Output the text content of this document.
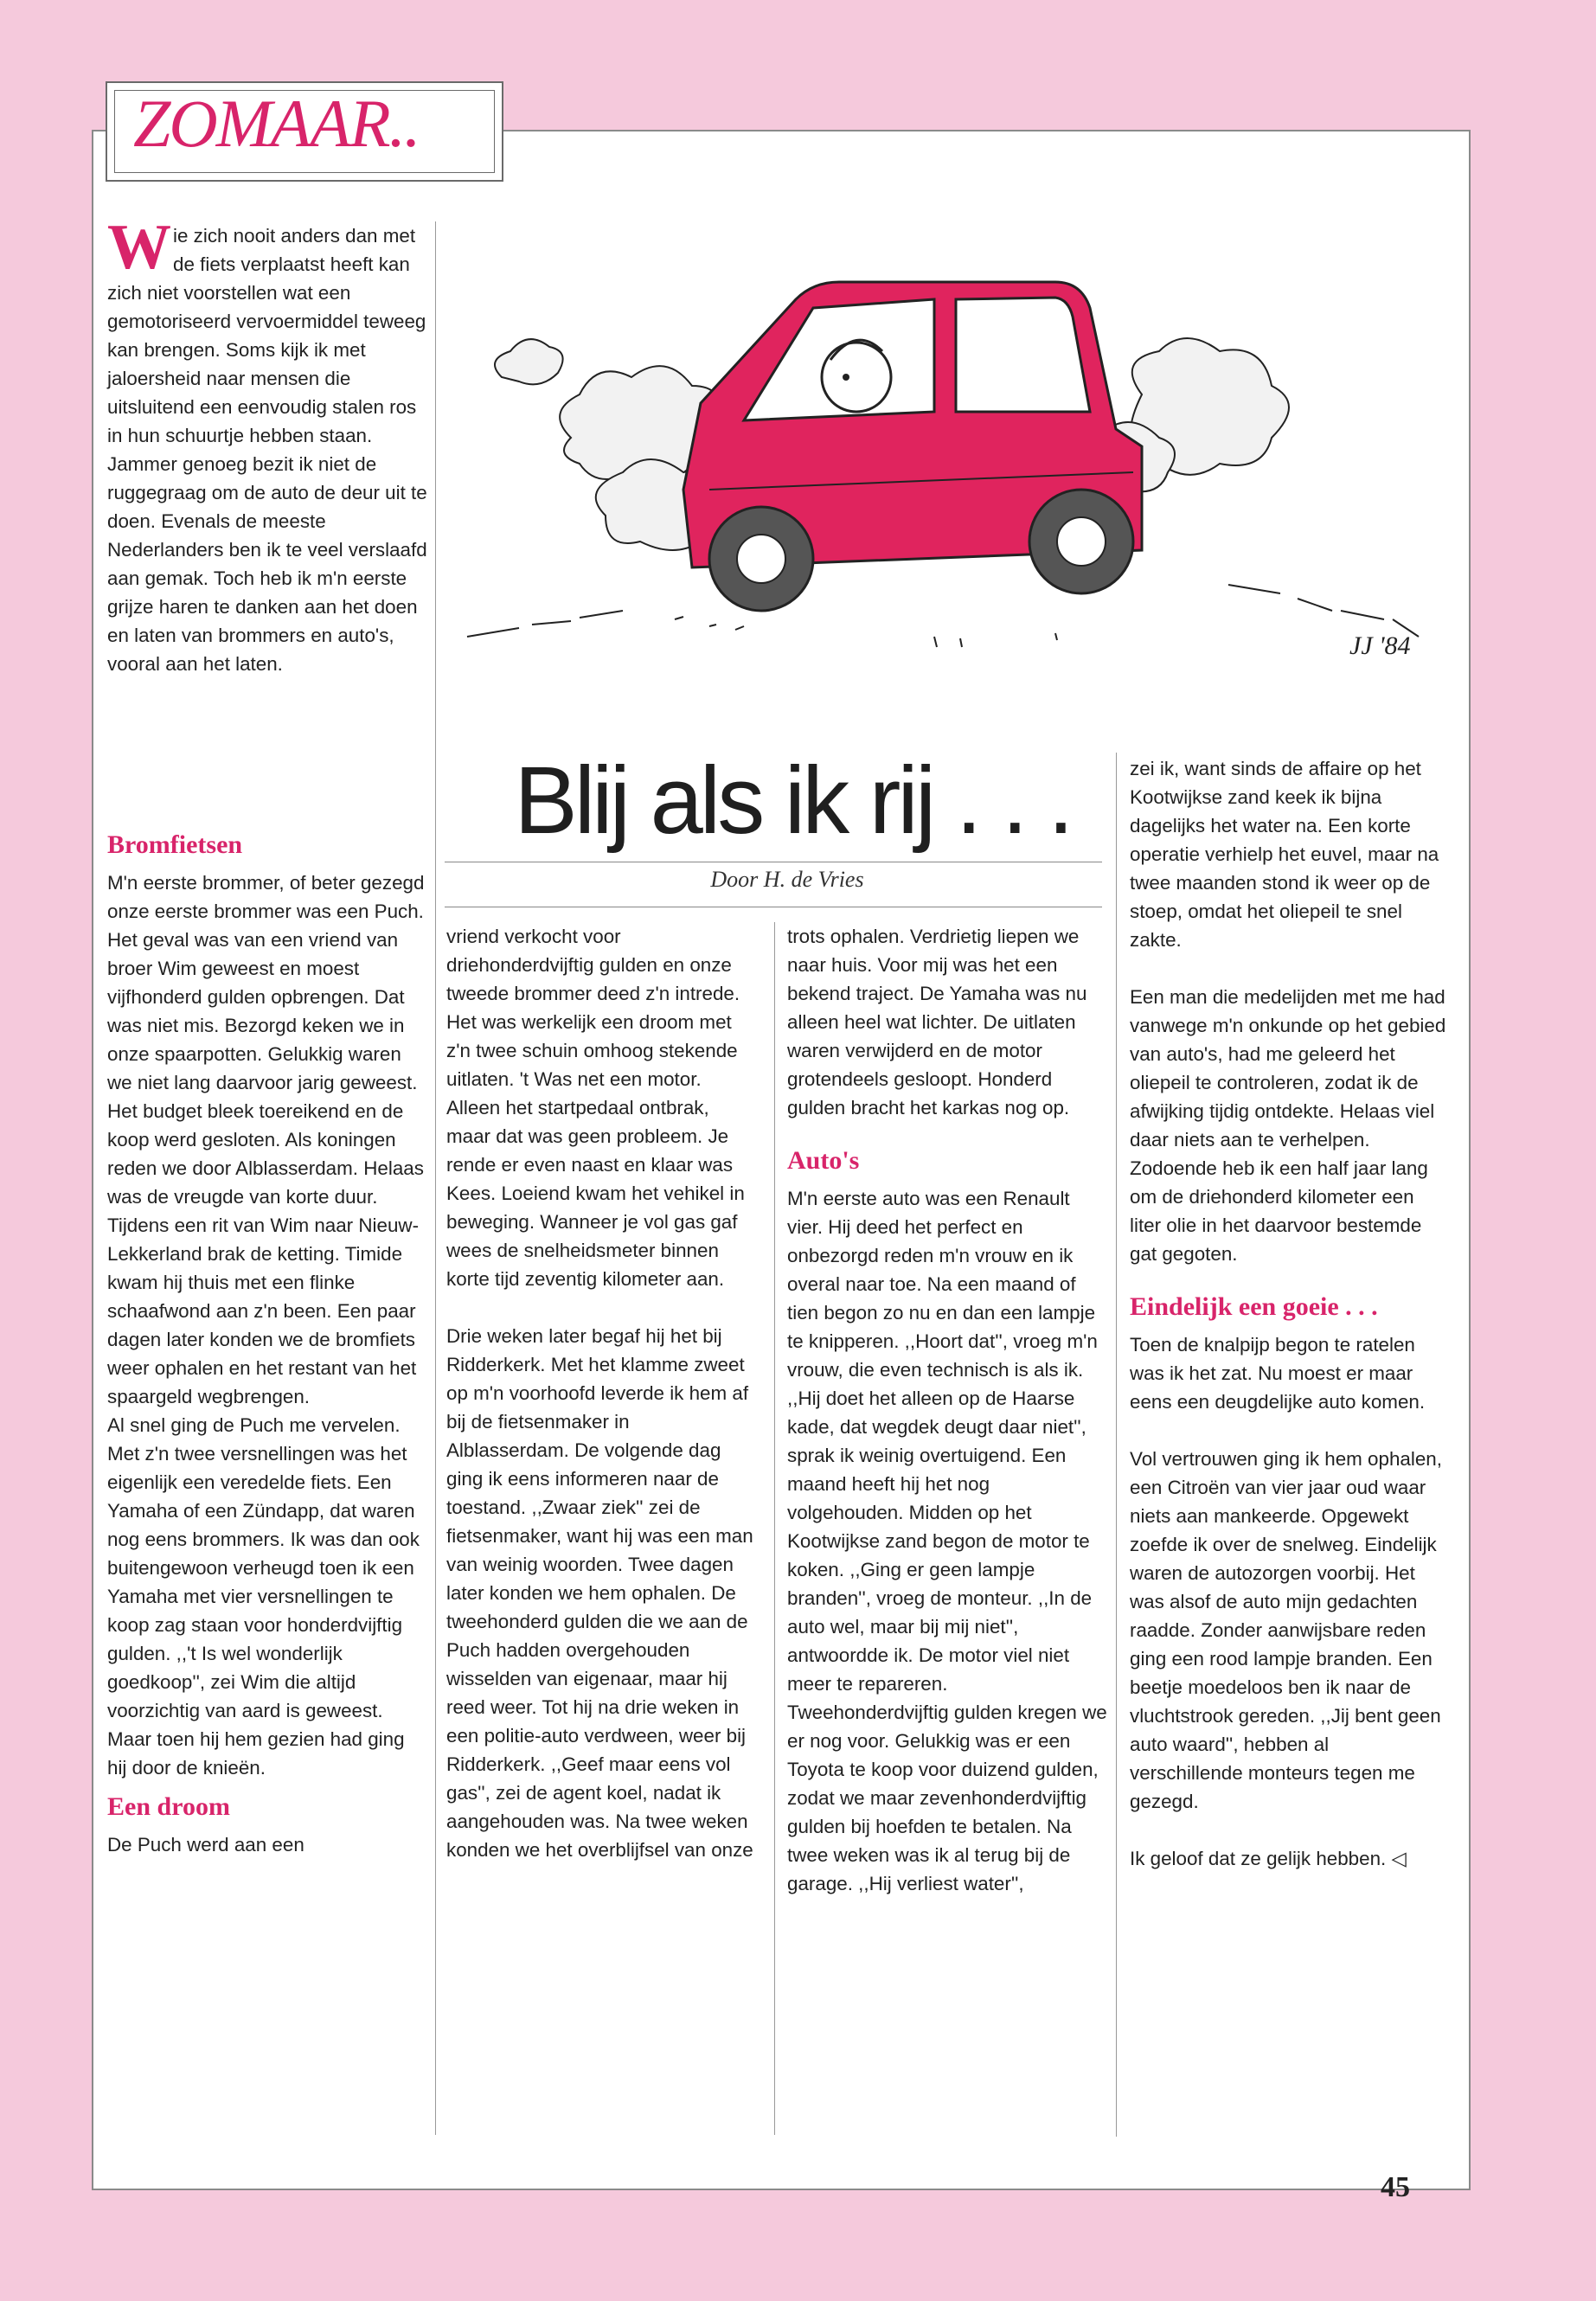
ZOMAAR..
JJ '84
Blij als ik rij . . .
Door H. de Vries

Wie zich nooit anders dan met de fiets verplaatst heeft kan zich niet voorstellen wat een gemotoriseerd vervoermiddel teweeg kan brengen. Soms kijk ik met jaloersheid naar mensen die uitsluitend een eenvoudig stalen ros in hun schuurtje hebben staan. Jammer genoeg bezit ik niet de ruggegraag om de auto de deur uit te doen. Evenals de meeste Nederlanders ben ik te veel verslaafd aan gemak. Toch heb ik m'n eerste grijze haren te danken aan het doen en laten van brommers en auto's, vooral aan het laten.

Bromfietsen

M'n eerste brommer, of beter gezegd onze eerste brommer was een Puch. Het geval was van een vriend van broer Wim geweest en moest vijfhonderd gulden opbrengen. Dat was niet mis. Bezorgd keken we in onze spaarpotten. Gelukkig waren we niet lang daarvoor jarig geweest. Het budget bleek toereikend en de koop werd gesloten. Als koningen reden we door Alblasserdam. Helaas was de vreugde van korte duur. Tijdens een rit van Wim naar Nieuw-Lekkerland brak de ketting. Timide kwam hij thuis met een flinke schaafwond aan z'n been. Een paar dagen later konden we de bromfiets weer ophalen en het restant van het spaargeld wegbrengen.

Al snel ging de Puch me vervelen. Met z'n twee versnellingen was het eigenlijk een veredelde fiets. Een Yamaha of een Zündapp, dat waren nog eens brommers. Ik was dan ook buitengewoon verheugd toen ik een Yamaha met vier versnellingen te koop zag staan voor honderdvijftig gulden. ,,'t Is wel wonderlijk goedkoop'', zei Wim die altijd voorzichtig van aard is geweest. Maar toen hij hem gezien had ging hij door de knieën.

Een droom

De Puch werd aan een

vriend verkocht voor driehonderdvijftig gulden en onze tweede brommer deed z'n intrede. Het was werkelijk een droom met z'n twee schuin omhoog stekende uitlaten. 't Was net een motor. Alleen het startpedaal ontbrak, maar dat was geen probleem. Je rende er even naast en klaar was Kees. Loeiend kwam het vehikel in beweging. Wanneer je vol gas gaf wees de snelheidsmeter binnen korte tijd zeventig kilometer aan.

Drie weken later begaf hij het bij Ridderkerk. Met het klamme zweet op m'n voorhoofd leverde ik hem af bij de fietsenmaker in Alblasserdam. De volgende dag ging ik eens informeren naar de toestand. ,,Zwaar ziek'' zei de fietsenmaker, want hij was een man van weinig woorden. Twee dagen later konden we hem ophalen. De tweehonderd gulden die we aan de Puch hadden overgehouden wisselden van eigenaar, maar hij reed weer. Tot hij na drie weken in een politie-auto verdween, weer bij Ridderkerk. ,,Geef maar eens vol gas'', zei de agent koel, nadat ik aangehouden was. Na twee weken konden we het overblijfsel van onze

trots ophalen. Verdrietig liepen we naar huis. Voor mij was het een bekend traject. De Yamaha was nu alleen heel wat lichter. De uitlaten waren verwijderd en de motor grotendeels gesloopt. Honderd gulden bracht het karkas nog op.

Auto's

M'n eerste auto was een Renault vier. Hij deed het perfect en onbezorgd reden m'n vrouw en ik overal naar toe. Na een maand of tien begon zo nu en dan een lampje te knipperen. ,,Hoort dat'', vroeg m'n vrouw, die even technisch is als ik. ,,Hij doet het alleen op de Haarse kade, dat wegdek deugt daar niet'', sprak ik weinig overtuigend. Een maand heeft hij het nog volgehouden. Midden op het Kootwijkse zand begon de motor te koken. ,,Ging er geen lampje branden'', vroeg de monteur. ,,In de auto wel, maar bij mij niet'', antwoordde ik. De motor viel niet meer te repareren. Tweehonderdvijftig gulden kregen we er nog voor. Gelukkig was er een Toyota te koop voor duizend gulden, zodat we maar zevenhonderdvijftig gulden bij hoefden te betalen. Na twee weken was ik al terug bij de garage. ,,Hij verliest water'',

zei ik, want sinds de affaire op het Kootwijkse zand keek ik bijna dagelijks het water na. Een korte operatie verhielp het euvel, maar na twee maanden stond ik weer op de stoep, omdat het oliepeil te snel zakte.

Een man die medelijden met me had vanwege m'n onkunde op het gebied van auto's, had me geleerd het oliepeil te controleren, zodat ik de afwijking tijdig ontdekte. Helaas viel daar niets aan te verhelpen. Zodoende heb ik een half jaar lang om de driehonderd kilometer een liter olie in het daarvoor bestemde gat gegoten.

Eindelijk een goeie . . .

Toen de knalpijp begon te ratelen was ik het zat. Nu moest er maar eens een deugdelijke auto komen.

Vol vertrouwen ging ik hem ophalen, een Citroën van vier jaar oud waar niets aan mankeerde. Opgewekt zoefde ik over de snelweg. Eindelijk waren de autozorgen voorbij. Het was alsof de auto mijn gedachten raadde. Zonder aanwijsbare reden ging een rood lampje branden. Een beetje moedeloos ben ik naar de vluchtstrook gereden. ,,Jij bent geen auto waard'', hebben al verschillende monteurs tegen me gezegd.

Ik geloof dat ze gelijk hebben. ◁

45
